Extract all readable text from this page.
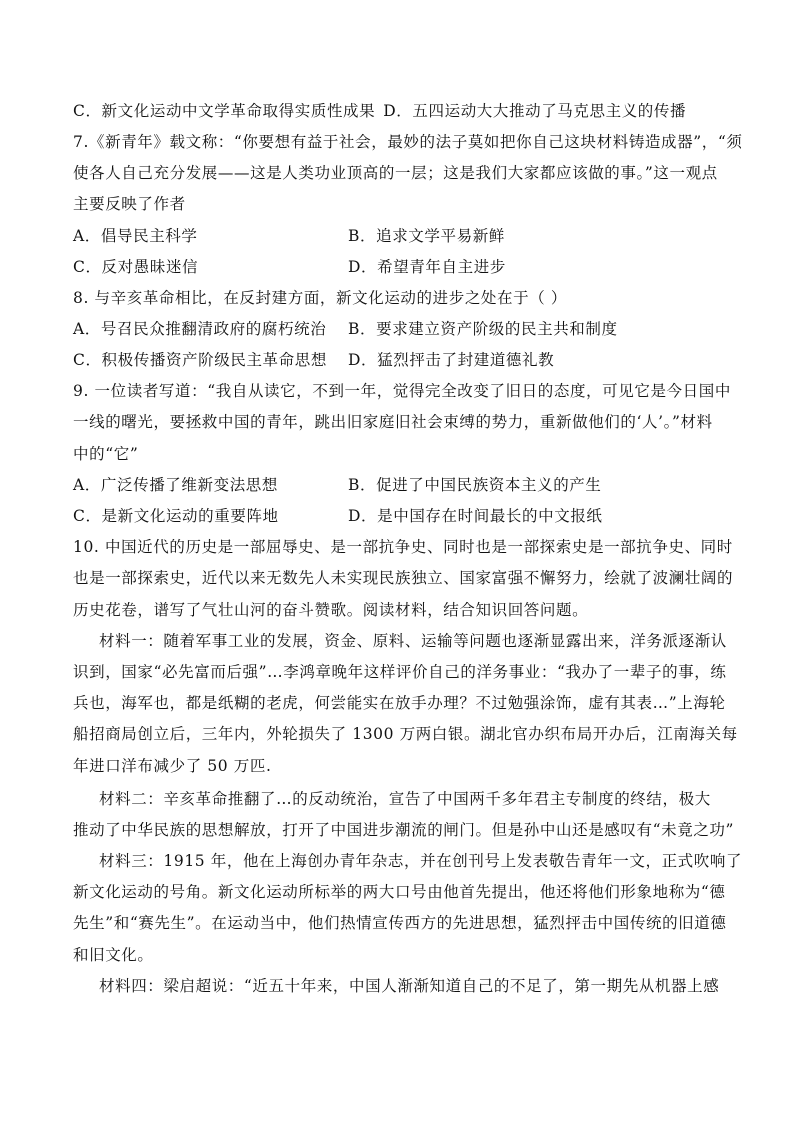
C．新文化运动中文学革命取得实质性成果 D．五四运动大大推动了马克思主义的传播
7.《新青年》载文称：“你要想有益于社会，最妙的法子莫如把你自己这块材料铸造成器”，“须
使各人自己充分发展——这是人类功业顶高的一层；这是我们大家都应该做的事。”这一观点
主要反映了作者
A．倡导民主科学	B．追求文学平易新鲜
C．反对愚昧迷信	D．希望青年自主进步
8. 与辛亥革命相比，在反封建方面，新文化运动的进步之处在于（ ）
A．号召民众推翻清政府的腐朽统治 B．要求建立资产阶级的民主共和制度
C．积极传播资产阶级民主革命思想 D．猛烈抨击了封建道德礼教
9. 一位读者写道：“我自从读它，不到一年，觉得完全改变了旧日的态度，可见它是今日国中
一线的曙光，要拯救中国的青年，跳出旧家庭旧社会束缚的势力，重新做他们的‘人’。”材料
中的“它”
A．广泛传播了维新变法思想	B．促进了中国民族资本主义的产生
C．是新文化运动的重要阵地	D．是中国存在时间最长的中文报纸
10. 中国近代的历史是一部屈辱史、是一部抗争史、同时也是一部探索史是一部抗争史、同时
也是一部探索史，近代以来无数先人未实现民族独立、国家富强不懈努力，绘就了波澜壮阔的
历史花卷，谱写了气壮山河的奋斗赞歌。阅读材料，结合知识回答问题。
材料一：随着军事工业的发展，资金、原料、运输等问题也逐渐显露出来，洋务派逐渐认
识到，国家“必先富而后强”…李鸿章晚年这样评价自己的洋务事业：“我办了一辈子的事，练
兵也，海军也，都是纸糊的老虎，何尝能实在放手办理？不过勉强涂饰，虚有其表…”上海轮
船招商局创立后，三年内，外轮损失了 1300 万两白银。湖北官办织布局开办后，江南海关每
年进口洋布减少了 50 万匹.
材料二：辛亥革命推翻了…的反动统治，宣告了中国两千多年君主专制度的终结，极大
推动了中华民族的思想解放，打开了中国进步潮流的闸门。但是孙中山还是感叹有“未竟之功”
材料三：1915 年，他在上海创办青年杂志，并在创刊号上发表敬告青年一文，正式吹响了
新文化运动的号角。新文化运动所标举的两大口号由他首先提出，他还将他们形象地称为“德
先生”和“赛先生”。在运动当中，他们热情宣传西方的先进思想，猛烈抨击中国传统的旧道德
和旧文化。
材料四：梁启超说：“近五十年来，中国人渐渐知道自己的不足了，第一期先从机器上感
